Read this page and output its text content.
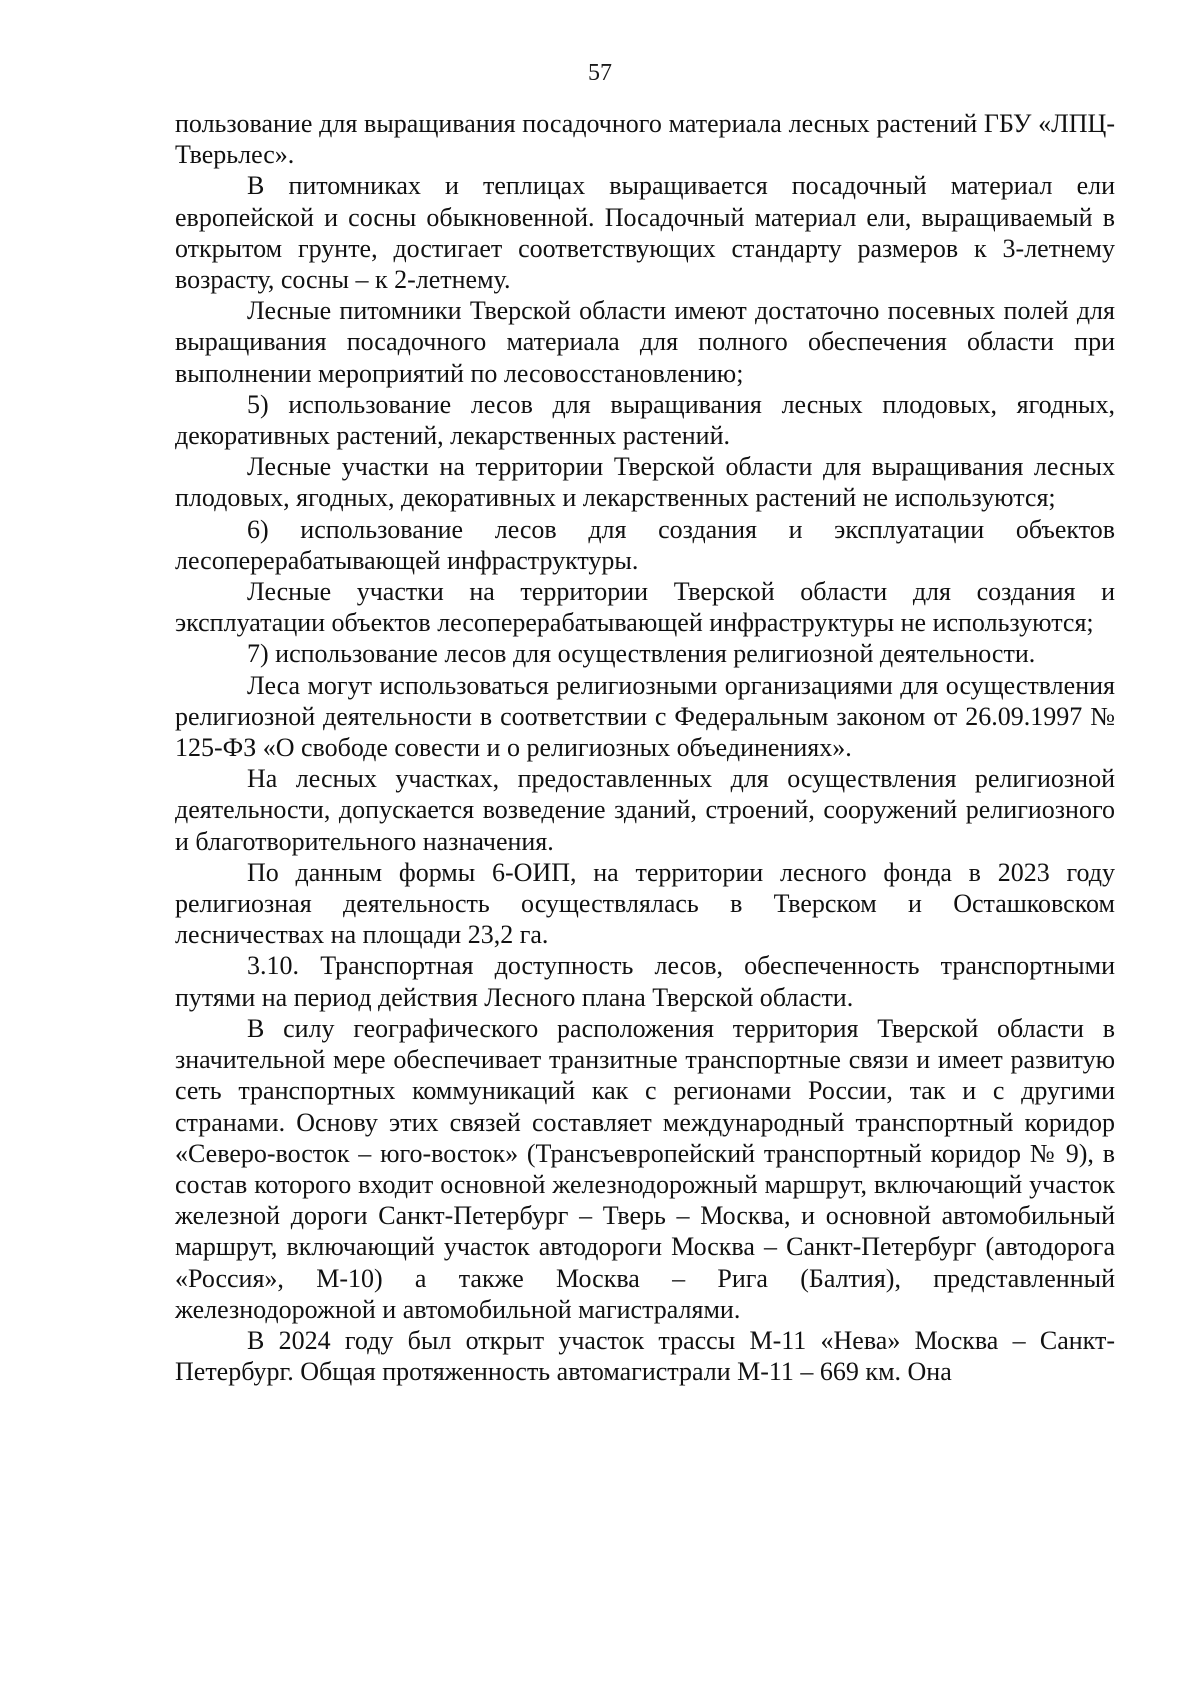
57

пользование для выращивания посадочного материала лесных растений ГБУ «ЛПЦ-Тверьлес».

В питомниках и теплицах выращивается посадочный материал ели европейской и сосны обыкновенной. Посадочный материал ели, выращиваемый в открытом грунте, достигает соответствующих стандарту размеров к 3-летнему возрасту, сосны – к 2-летнему.

Лесные питомники Тверской области имеют достаточно посевных полей для выращивания посадочного материала для полного обеспечения области при выполнении мероприятий по лесовосстановлению;

5) использование лесов для выращивания лесных плодовых, ягодных, декоративных растений, лекарственных растений.

Лесные участки на территории Тверской области для выращивания лесных плодовых, ягодных, декоративных и лекарственных растений не используются;

6) использование лесов для создания и эксплуатации объектов лесоперерабатывающей инфраструктуры.

Лесные участки на территории Тверской области для создания и эксплуатации объектов лесоперерабатывающей инфраструктуры не используются;

7) использование лесов для осуществления религиозной деятельности.

Леса могут использоваться религиозными организациями для осуществления религиозной деятельности в соответствии с Федеральным законом от 26.09.1997 № 125-ФЗ «О свободе совести и о религиозных объединениях».

На лесных участках, предоставленных для осуществления религиозной деятельности, допускается возведение зданий, строений, сооружений религиозного и благотворительного назначения.

По данным формы 6-ОИП, на территории лесного фонда в 2023 году религиозная деятельность осуществлялась в Тверском и Осташковском лесничествах на площади 23,2 га.

3.10. Транспортная доступность лесов, обеспеченность транспортными путями на период действия Лесного плана Тверской области.

В силу географического расположения территория Тверской области в значительной мере обеспечивает транзитные транспортные связи и имеет развитую сеть транспортных коммуникаций как с регионами России, так и с другими странами. Основу этих связей составляет международный транспортный коридор «Северо-восток – юго-восток» (Трансъевропейский транспортный коридор № 9), в состав которого входит основной железнодорожный маршрут, включающий участок железной дороги Санкт-Петербург – Тверь – Москва, и основной автомобильный маршрут, включающий участок автодороги Москва – Санкт-Петербург (автодорога «Россия», М-10) а также Москва – Рига (Балтия), представленный железнодорожной и автомобильной магистралями.

В 2024 году был открыт участок трассы М-11 «Нева» Москва – Санкт-Петербург. Общая протяженность автомагистрали М-11 – 669 км. Она
